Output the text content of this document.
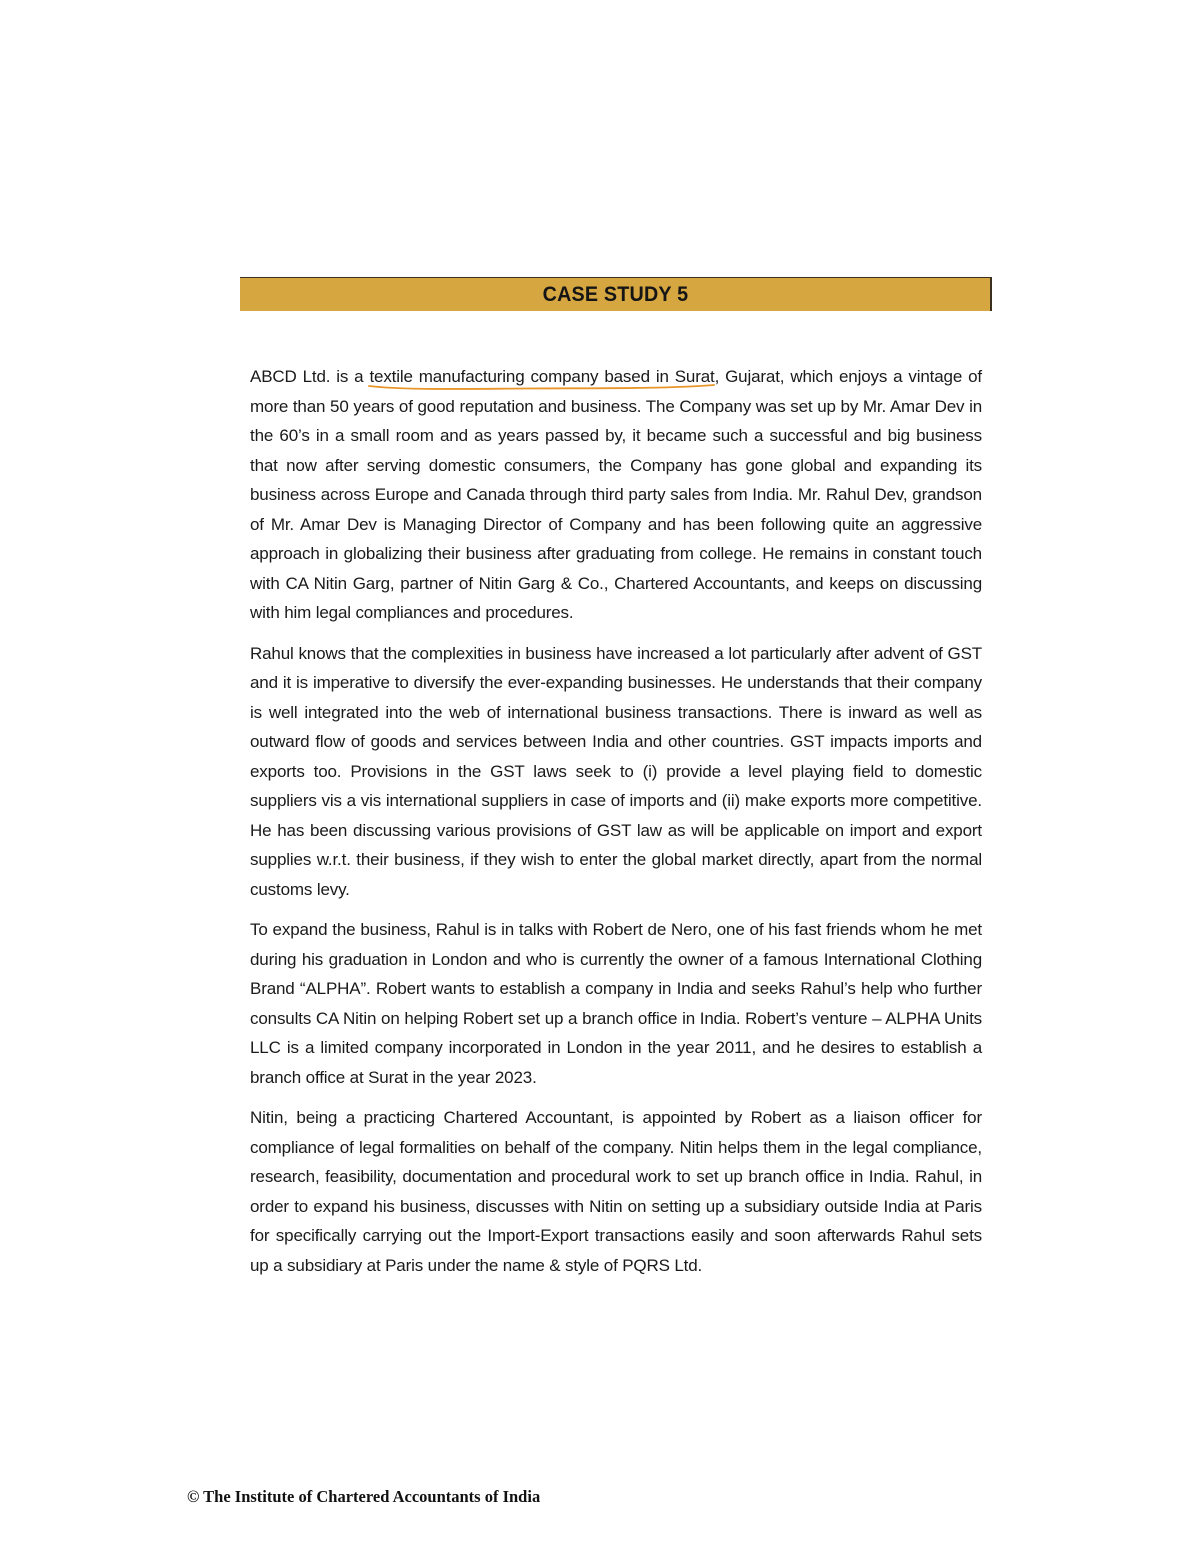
CASE STUDY 5

ABCD Ltd. is a textile manufacturing company based in Surat
, Gujarat, which enjoys a vintage of more than 50 years of good reputation and business. The Company was set up by Mr. Amar Dev in the 60’s in a small room and as years passed by, it became such a successful and big business that now after serving domestic consumers, the Company has gone global and expanding its business across Europe and Canada through third party sales from India. Mr. Rahul Dev, grandson of Mr. Amar Dev is Managing Director of Company and has been following quite an aggressive approach in globalizing their business after graduating from college. He remains in constant touch with CA Nitin Garg, partner of Nitin Garg & Co., Chartered Accountants, and keeps on discussing with him legal compliances and procedures.

Rahul knows that the complexities in business have increased a lot particularly after advent of GST and it is imperative to diversify the ever-expanding businesses. He understands that their company is well integrated into the web of international business transactions. There is inward as well as outward flow of goods and services between India and other countries. GST impacts imports and exports too. Provisions in the GST laws seek to (i) provide a level playing field to domestic suppliers vis a vis international suppliers in case of imports and (ii) make exports more competitive. He has been discussing various provisions of GST law as will be applicable on import and export supplies w.r.t. their business, if they wish to enter the global market directly, apart from the normal customs levy.

To expand the business, Rahul is in talks with Robert de Nero, one of his fast friends whom he met during his graduation in London and who is currently the owner of a famous International Clothing Brand “ALPHA”. Robert wants to establish a company in India and seeks Rahul’s help who further consults CA Nitin on helping Robert set up a branch office in India. Robert’s venture – ALPHA Units LLC is a limited company incorporated in London in the year 2011, and he desires to establish a branch office at Surat in the year 2023.

Nitin, being a practicing Chartered Accountant, is appointed by Robert as a liaison officer for compliance of legal formalities on behalf of the company. Nitin helps them in the legal compliance, research, feasibility, documentation and procedural work to set up branch office in India. Rahul, in order to expand his business, discusses with Nitin on setting up a subsidiary outside India at Paris for specifically carrying out the Import-Export transactions easily and soon afterwards Rahul sets up a subsidiary at Paris under the name & style of PQRS Ltd.

© The Institute of Chartered Accountants of India
